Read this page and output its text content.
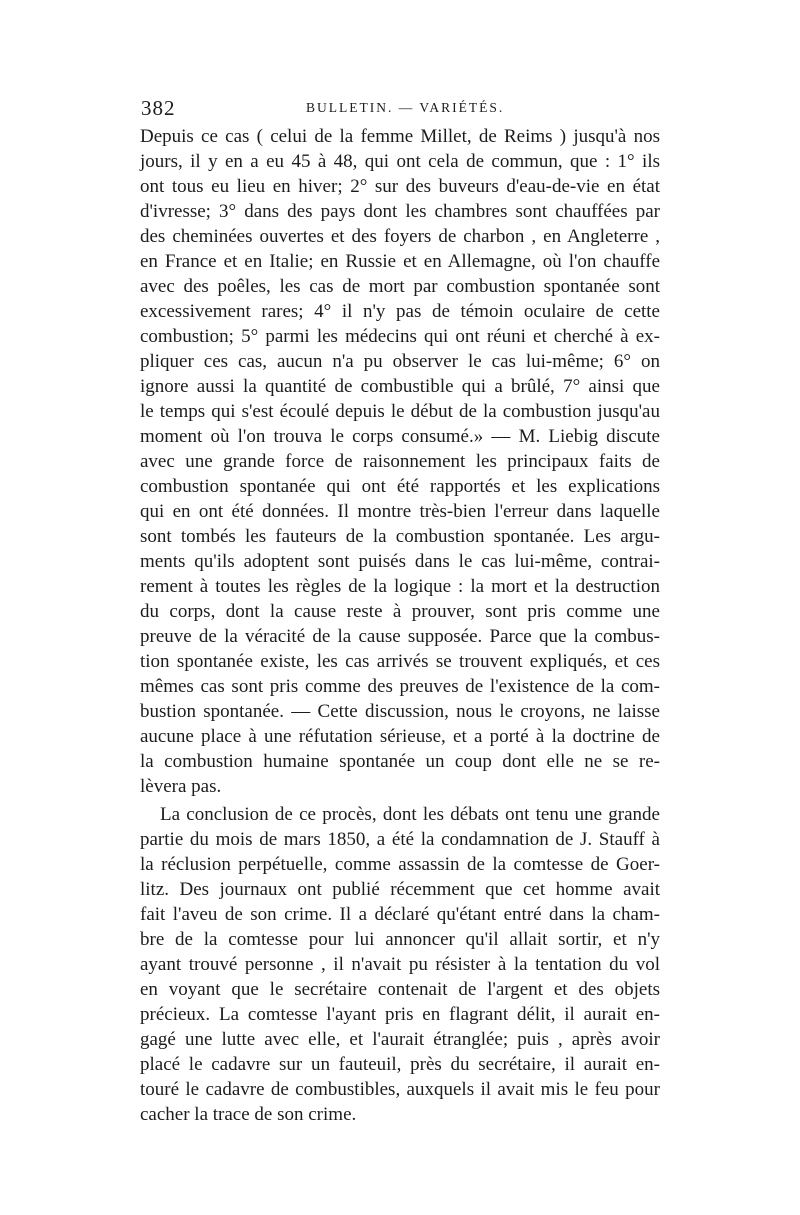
382	BULLETIN. — VARIÉTÉS.
Depuis ce cas ( celui de la femme Millet, de Reims ) jusqu'à nos
jours, il y en a eu 45 à 48, qui ont cela de commun, que : 1° ils
ont tous eu lieu en hiver; 2° sur des buveurs d'eau-de-vie en état
d'ivresse; 3° dans des pays dont les chambres sont chauffées par
des cheminées ouvertes et des foyers de charbon , en Angleterre ,
en France et en Italie; en Russie et en Allemagne, où l'on chauffe
avec des poêles, les cas de mort par combustion spontanée sont
excessivement rares; 4° il n'y pas de témoin oculaire de cette
combustion; 5° parmi les médecins qui ont réuni et cherché à ex-
pliquer ces cas, aucun n'a pu observer le cas lui-même; 6° on
ignore aussi la quantité de combustible qui a brûlé, 7° ainsi que
le temps qui s'est écoulé depuis le début de la combustion jusqu'au
moment où l'on trouva le corps consumé.» — M. Liebig discute
avec une grande force de raisonnement les principaux faits de
combustion spontanée qui ont été rapportés et les explications
qui en ont été données. Il montre très-bien l'erreur dans laquelle
sont tombés les fauteurs de la combustion spontanée. Les argu-
ments qu'ils adoptent sont puisés dans le cas lui-même, contrai-
rement à toutes les règles de la logique : la mort et la destruction
du corps, dont la cause reste à prouver, sont pris comme une
preuve de la véracité de la cause supposée. Parce que la combus-
tion spontanée existe, les cas arrivés se trouvent expliqués, et ces
mêmes cas sont pris comme des preuves de l'existence de la com-
bustion spontanée. — Cette discussion, nous le croyons, ne laisse
aucune place à une réfutation sérieuse, et a porté à la doctrine de
la combustion humaine spontanée un coup dont elle ne se re-
lèvera pas.
La conclusion de ce procès, dont les débats ont tenu une grande
partie du mois de mars 1850, a été la condamnation de J. Stauff à
la réclusion perpétuelle, comme assassin de la comtesse de Goer-
litz. Des journaux ont publié récemment que cet homme avait
fait l'aveu de son crime. Il a déclaré qu'étant entré dans la cham-
bre de la comtesse pour lui annoncer qu'il allait sortir, et n'y
ayant trouvé personne , il n'avait pu résister à la tentation du vol
en voyant que le secrétaire contenait de l'argent et des objets
précieux. La comtesse l'ayant pris en flagrant délit, il aurait en-
gagé une lutte avec elle, et l'aurait étranglée; puis , après avoir
placé le cadavre sur un fauteuil, près du secrétaire, il aurait en-
touré le cadavre de combustibles, auxquels il avait mis le feu pour
cacher la trace de son crime.
